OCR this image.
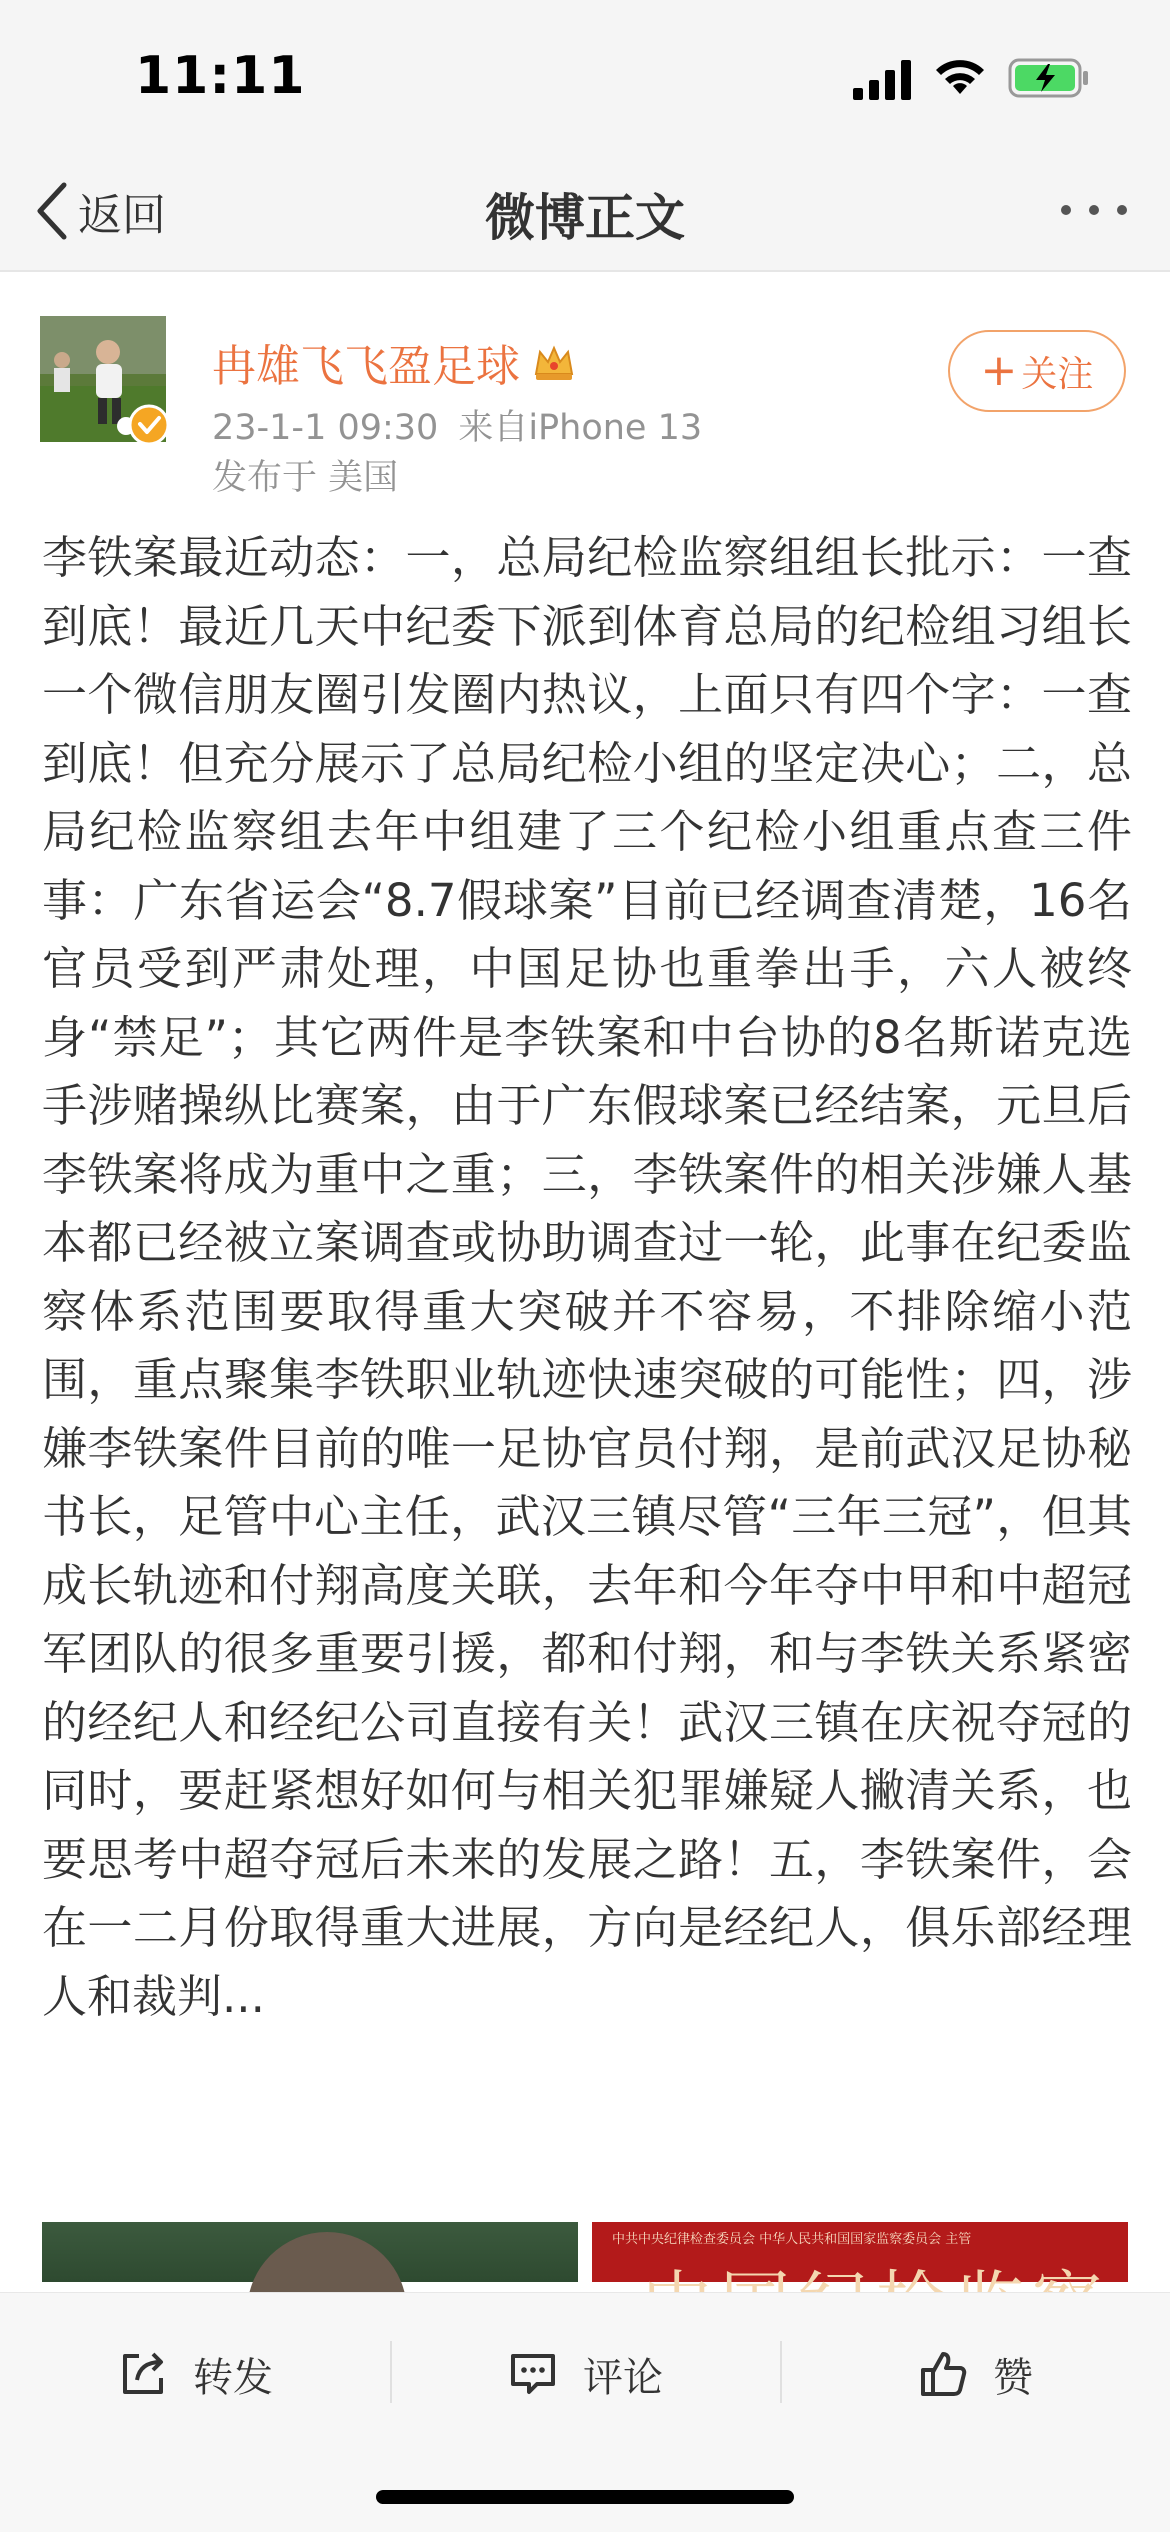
11:11
返回	微博正文
冉雄飞飞盈足球
23-1-1 09:30 来自iPhone 13
发布于 美国
+ 关注
李铁案最近动态：一，总局纪检监察组组长批示：一查到底！最近几天中纪委下派到体育总局的纪检组习组长一个微信朋友圈引发圈内热议，上面只有四个字：一查到底！但充分展示了总局纪检小组的坚定决心；二，总局纪检监察组去年中组建了三个纪检小组重点查三件事：广东省运会“8.7假球案”目前已经调查清楚，16名官员受到严肃处理，中国足协也重拳出手，六人被终身“禁足”；其它两件是李铁案和中台协的8名斯诺克选手涉赌操纵比赛案，由于广东假球案已经结案，元旦后李铁案将成为重中之重；三，李铁案件的相关涉嫌人基本都已经被立案调查或协助调查过一轮，此事在纪委监察体系范围要取得重大突破并不容易，不排除缩小范围，重点聚集李铁职业轨迹快速突破的可能性；四，涉嫌李铁案件目前的唯一足协官员付翔，是前武汉足协秘书长，足管中心主任，武汉三镇尽管“三年三冠”，但其成长轨迹和付翔高度关联，去年和今年夺中甲和中超冠军团队的很多重要引援，都和付翔，和与李铁关系紧密的经纪人和经纪公司直接有关！武汉三镇在庆祝夺冠的同时，要赶紧想好如何与相关犯罪嫌疑人撇清关系，也要思考中超夺冠后未来的发展之路！五，李铁案件，会在一二月份取得重大进展，方向是经纪人，俱乐部经理人和裁判...
中共中央纪律检查委员会 中华人民共和国国家监察委员会 主管
转发	评论	赞
